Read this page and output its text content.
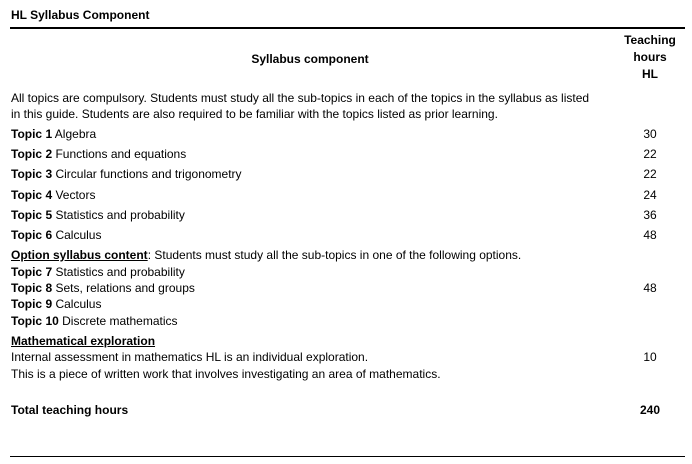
HL Syllabus Component
Syllabus component
Teaching
hours
HL
All topics are compulsory. Students must study all the sub-topics in each of the topics in the syllabus as listed
in this guide. Students are also required to be familiar with the topics listed as prior learning.
Topic 1 Algebra	30
Topic 2 Functions and equations	22
Topic 3 Circular functions and trigonometry	22
Topic 4 Vectors	24
Topic 5 Statistics and probability	36
Topic 6 Calculus	48
Option syllabus content: Students must study all the sub-topics in one of the following options.
Topic 7 Statistics and probability
Topic 8 Sets, relations and groups	48
Topic 9 Calculus
Topic 10 Discrete mathematics
Mathematical exploration
Internal assessment in mathematics HL is an individual exploration.	10
This is a piece of written work that involves investigating an area of mathematics.
Total teaching hours	240
